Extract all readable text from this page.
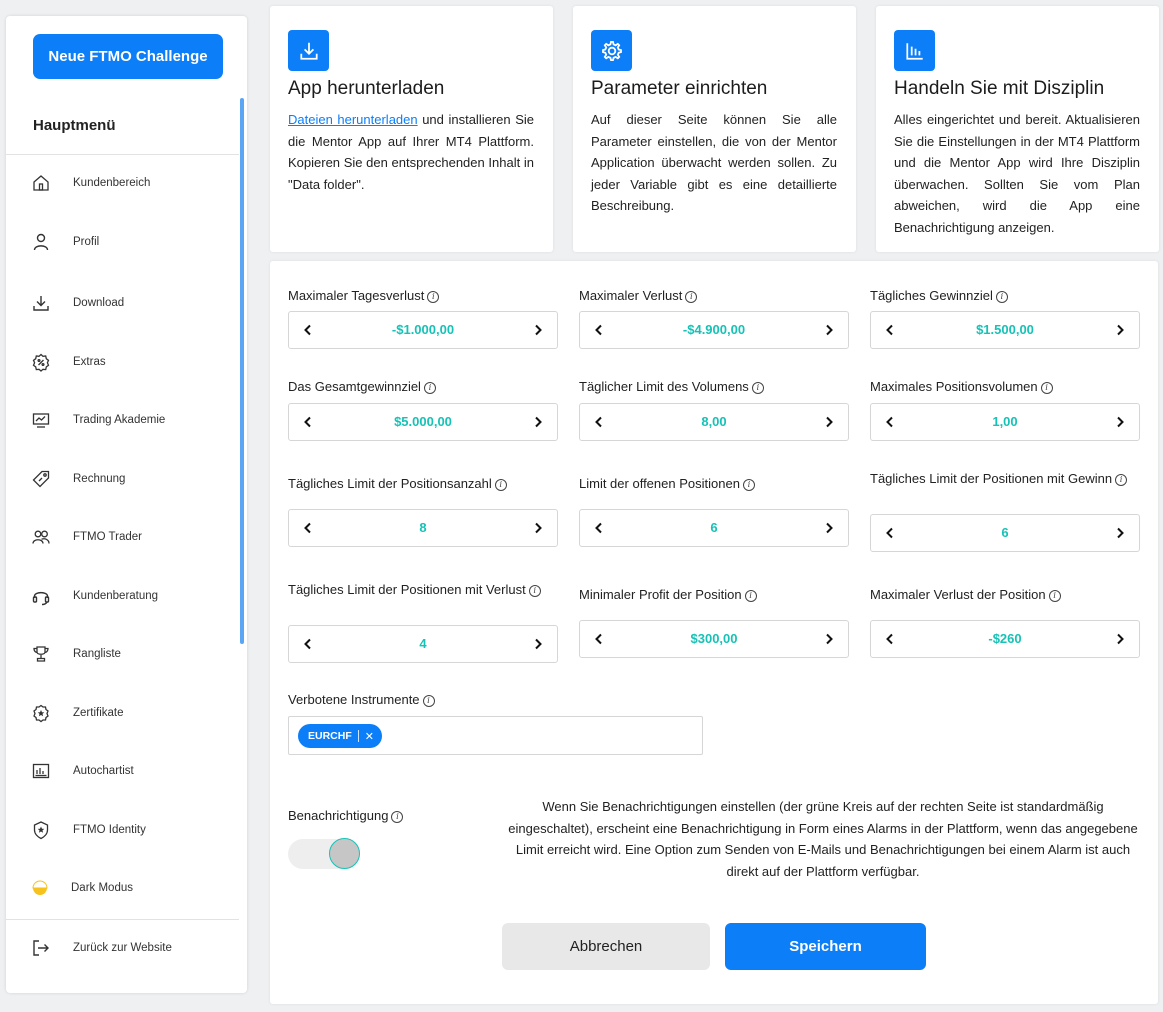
Neue FTMO Challenge
Hauptmenü
Kundenbereich
Profil
Download
Extras
Trading Akademie
Rechnung
FTMO Trader
Kundenberatung
Rangliste
Zertifikate
Autochartist
FTMO Identity
Dark Modus
Zurück zur Website
App herunterladen
Dateien herunterladen und installieren Sie die Mentor App auf Ihrer MT4 Plattform. Kopieren Sie den entsprechenden Inhalt in "Data folder".
Parameter einrichten
Auf dieser Seite können Sie alle Parameter einstellen, die von der Mentor Application überwacht werden sollen. Zu jeder Variable gibt es eine detaillierte Beschreibung.
Handeln Sie mit Disziplin
Alles eingerichtet und bereit. Aktualisieren Sie die Einstellungen in der MT4 Plattform und die Mentor App wird Ihre Disziplin überwachen. Sollten Sie vom Plan abweichen, wird die App eine Benachrichtigung anzeigen.
Maximaler Tagesverlust i
-$1.000,00
Maximaler Verlust i
-$4.900,00
Tägliches Gewinnziel i
$1.500,00
Das Gesamtgewinnziel i
$5.000,00
Täglicher Limit des Volumens i
8,00
Maximales Positionsvolumen i
1,00
Tägliches Limit der Positionsanzahl i
8
Limit der offenen Positionen i
6
Tägliches Limit der Positionen mit Gewinn i
6
Tägliches Limit der Positionen mit Verlust i
4
Minimaler Profit der Position i
$300,00
Maximaler Verlust der Position i
-$260
Verbotene Instrumente i
EURCHF ✕
Benachrichtigung i
Wenn Sie Benachrichtigungen einstellen (der grüne Kreis auf der rechten Seite ist standardmäßig eingeschaltet), erscheint eine Benachrichtigung in Form eines Alarms in der Plattform, wenn das angegebene Limit erreicht wird. Eine Option zum Senden von E-Mails und Benachrichtigungen bei einem Alarm ist auch direkt auf der Plattform verfügbar.
Abbrechen	Speichern
